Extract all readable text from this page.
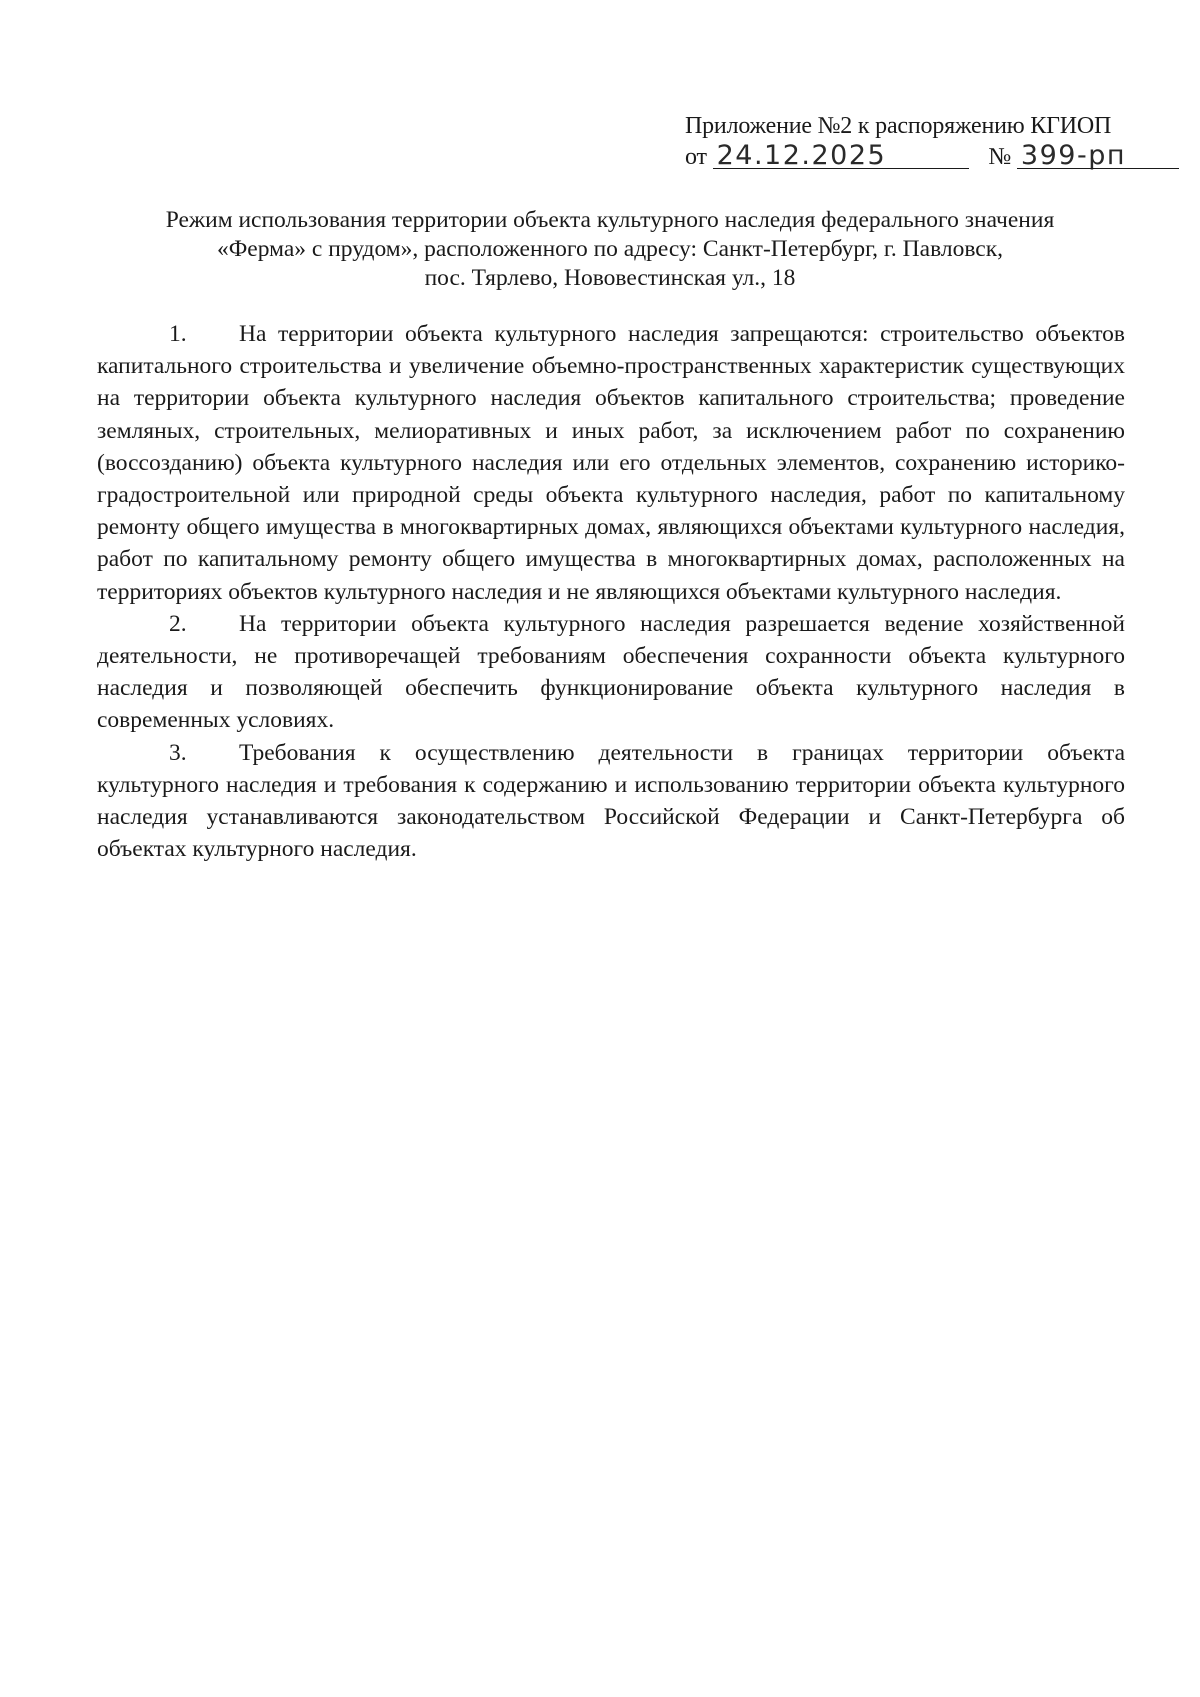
Приложение №2 к распоряжению КГИОП
от 24.12.2025	№ 399-рп
Режим использования территории объекта культурного наследия федерального значения
«Ферма» с прудом», расположенного по адресу: Санкт-Петербург, г. Павловск,
пос. Тярлево, Нововестинская ул., 18

1. На территории объекта культурного наследия запрещаются: строительство объектов капитального строительства и увеличение объемно-пространственных характеристик существующих на территории объекта культурного наследия объектов капитального строительства; проведение земляных, строительных, мелиоративных и иных работ, за исключением работ по сохранению (воссозданию) объекта культурного наследия или его отдельных элементов, сохранению историко-градостроительной или природной среды объекта культурного наследия, работ по капитальному ремонту общего имущества в многоквартирных домах, являющихся объектами культурного наследия, работ по капитальному ремонту общего имущества в многоквартирных домах, расположенных на территориях объектов культурного наследия и не являющихся объектами культурного наследия.

2. На территории объекта культурного наследия разрешается ведение хозяйственной деятельности, не противоречащей требованиям обеспечения сохранности объекта культурного наследия и позволяющей обеспечить функционирование объекта культурного наследия в современных условиях.

3. Требования к осуществлению деятельности в границах территории объекта культурного наследия и требования к содержанию и использованию территории объекта культурного наследия устанавливаются законодательством Российской Федерации и Санкт-Петербурга об объектах культурного наследия.
